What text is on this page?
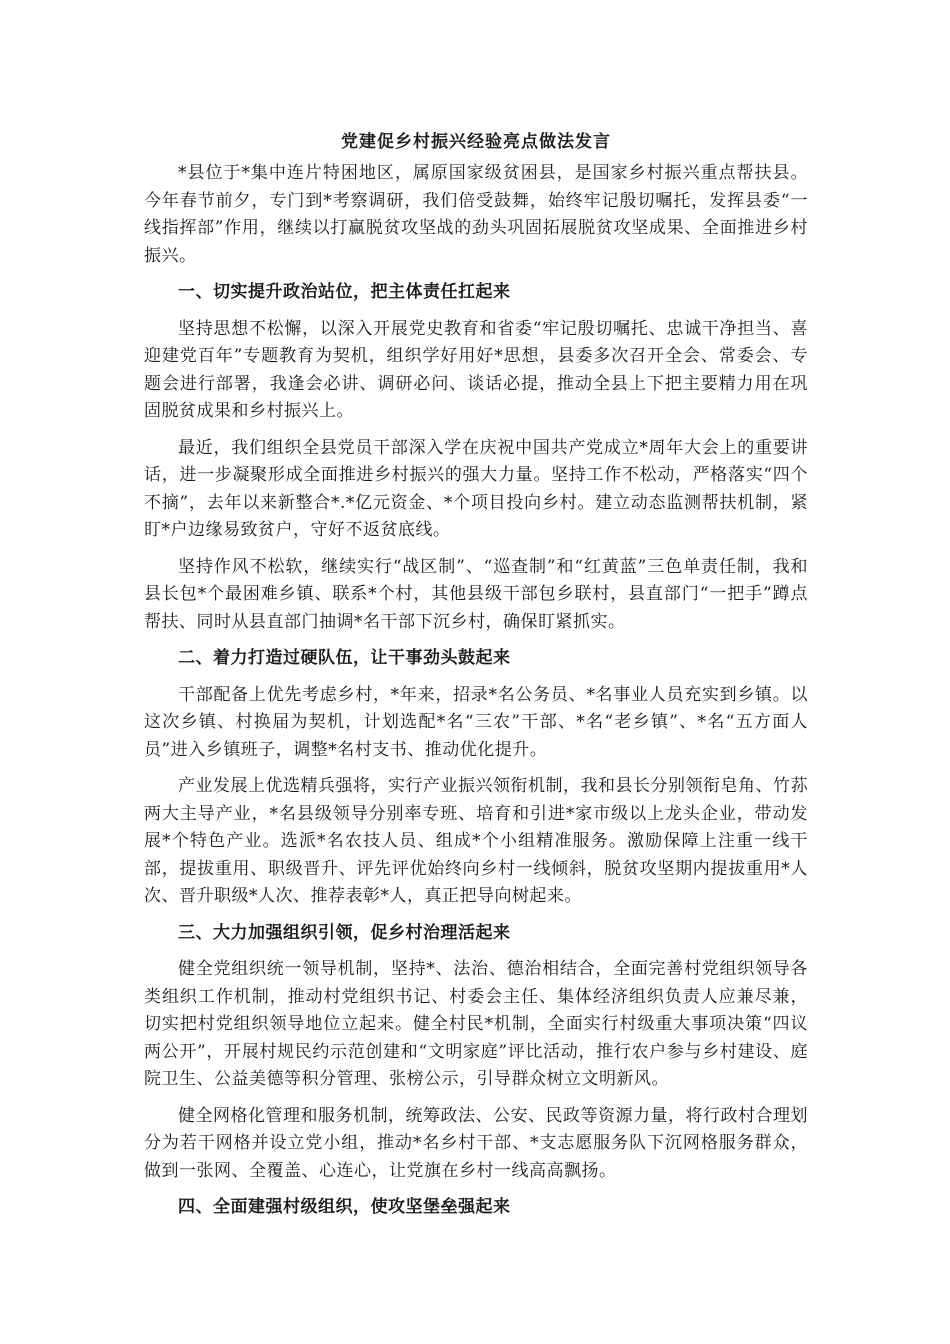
党建促乡村振兴经验亮点做法发言

*县位于*集中连片特困地区，属原国家级贫困县，是国家乡村振兴重点帮扶县。今年春节前夕，专门到*考察调研，我们倍受鼓舞，始终牢记殷切嘱托，发挥县委“一线指挥部”作用，继续以打赢脱贫攻坚战的劲头巩固拓展脱贫攻坚成果、全面推进乡村振兴。

一、切实提升政治站位，把主体责任扛起来

坚持思想不松懈，以深入开展党史教育和省委“牢记殷切嘱托、忠诚干净担当、喜迎建党百年”专题教育为契机，组织学好用好*思想，县委多次召开全会、常委会、专题会进行部署，我逢会必讲、调研必问、谈话必提，推动全县上下把主要精力用在巩固脱贫成果和乡村振兴上。

最近，我们组织全县党员干部深入学在庆祝中国共产党成立*周年大会上的重要讲话，进一步凝聚形成全面推进乡村振兴的强大力量。坚持工作不松动，严格落实“四个不摘”，去年以来新整合*.*亿元资金、*个项目投向乡村。建立动态监测帮扶机制，紧盯*户边缘易致贫户，守好不返贫底线。

坚持作风不松软，继续实行“战区制”、“巡查制”和“红黄蓝”三色单责任制，我和县长包*个最困难乡镇、联系*个村，其他县级干部包乡联村，县直部门“一把手”蹲点帮扶、同时从县直部门抽调*名干部下沉乡村，确保盯紧抓实。

二、着力打造过硬队伍，让干事劲头鼓起来

干部配备上优先考虑乡村，*年来，招录*名公务员、*名事业人员充实到乡镇。以这次乡镇、村换届为契机，计划选配*名“三农”干部、*名“老乡镇”、*名“五方面人员”进入乡镇班子，调整*名村支书、推动优化提升。

产业发展上优选精兵强将，实行产业振兴领衔机制，我和县长分别领衔皂角、竹荪两大主导产业，*名县级领导分别率专班、培育和引进*家市级以上龙头企业，带动发展*个特色产业。选派*名农技人员、组成*个小组精准服务。激励保障上注重一线干部，提拔重用、职级晋升、评先评优始终向乡村一线倾斜，脱贫攻坚期内提拔重用*人次、晋升职级*人次、推荐表彰*人，真正把导向树起来。

三、大力加强组织引领，促乡村治理活起来

健全党组织统一领导机制，坚持*、法治、德治相结合，全面完善村党组织领导各类组织工作机制，推动村党组织书记、村委会主任、集体经济组织负责人应兼尽兼，切实把村党组织领导地位立起来。健全村民*机制，全面实行村级重大事项决策“四议两公开”，开展村规民约示范创建和“文明家庭”评比活动，推行农户参与乡村建设、庭院卫生、公益美德等积分管理、张榜公示，引导群众树立文明新风。

健全网格化管理和服务机制，统筹政法、公安、民政等资源力量，将行政村合理划分为若干网格并设立党小组，推动*名乡村干部、*支志愿服务队下沉网格服务群众，做到一张网、全覆盖、心连心，让党旗在乡村一线高高飘扬。

四、全面建强村级组织，使攻坚堡垒强起来
